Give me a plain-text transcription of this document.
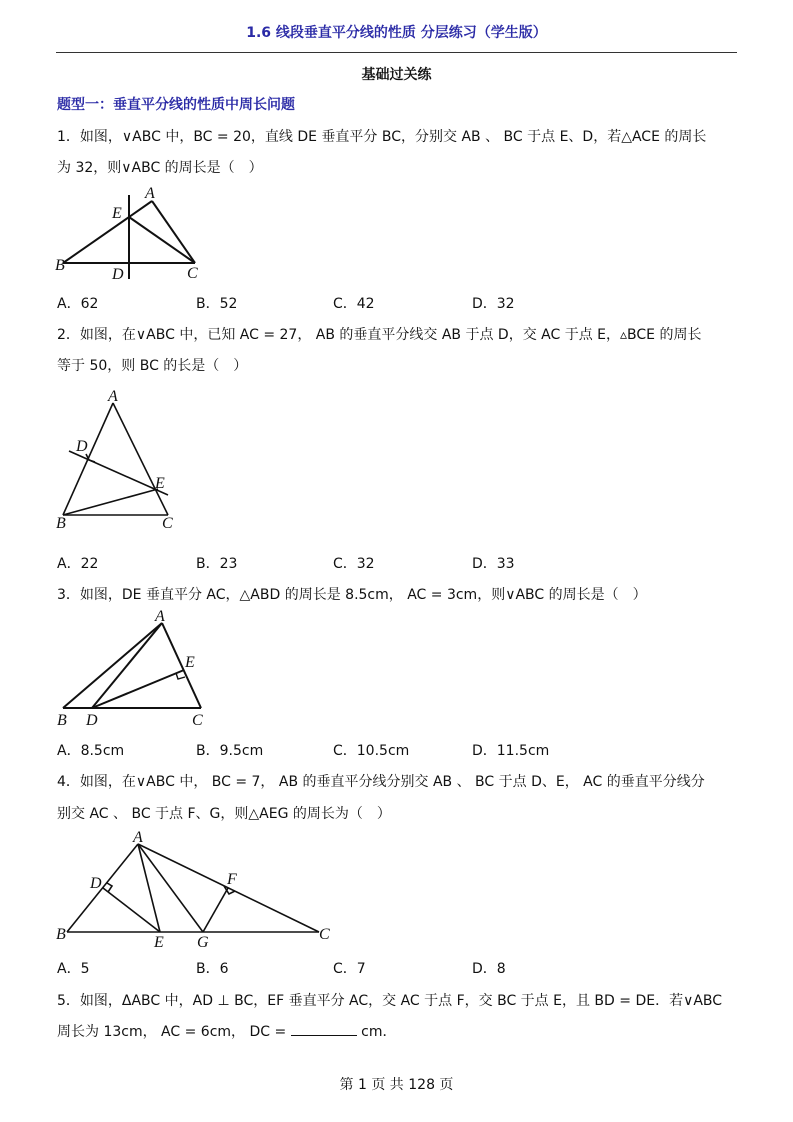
1.6 线段垂直平分线的性质 分层练习（学生版）
基础过关练
题型一：垂直平分线的性质中周长问题
1．如图，∨ABC 中，BC = 20，直线 DE 垂直平分 BC，分别交 AB 、 BC 于点 E、D，若△ACE 的周长
为 32，则∨ABC 的周长是（　）
A
B	C
D
E
A．62	B．52	C．42	D．32
2．如图，在∨ABC 中，已知 AC = 27， AB 的垂直平分线交 AB 于点 D，交 AC 于点 E，▵BCE 的周长
等于 50，则 BC 的长是（　）
A
B	C
D
E
A．22	B．23	C．32	D．33
3．如图，DE 垂直平分 AC，△ABD 的周长是 8.5cm， AC = 3cm，则∨ABC 的周长是（　）
A
B	C
D
E
A．8.5cm	B．9.5cm	C．10.5cm	D．11.5cm
4．如图，在∨ABC 中， BC = 7， AB 的垂直平分线分别交 AB 、 BC 于点 D、E， AC 的垂直平分线分
别交 AC 、 BC 于点 F、G，则△AEG 的周长为（　）
A
B	C
D
E
F
G
A．5	B．6	C．7	D．8
5．如图，ΔABC 中，AD ⊥ BC，EF 垂直平分 AC，交 AC 于点 F，交 BC 于点 E，且 BD = DE．若∨ABC
周长为 13cm， AC = 6cm， DC =	cm．
第 1 页 共 128 页
